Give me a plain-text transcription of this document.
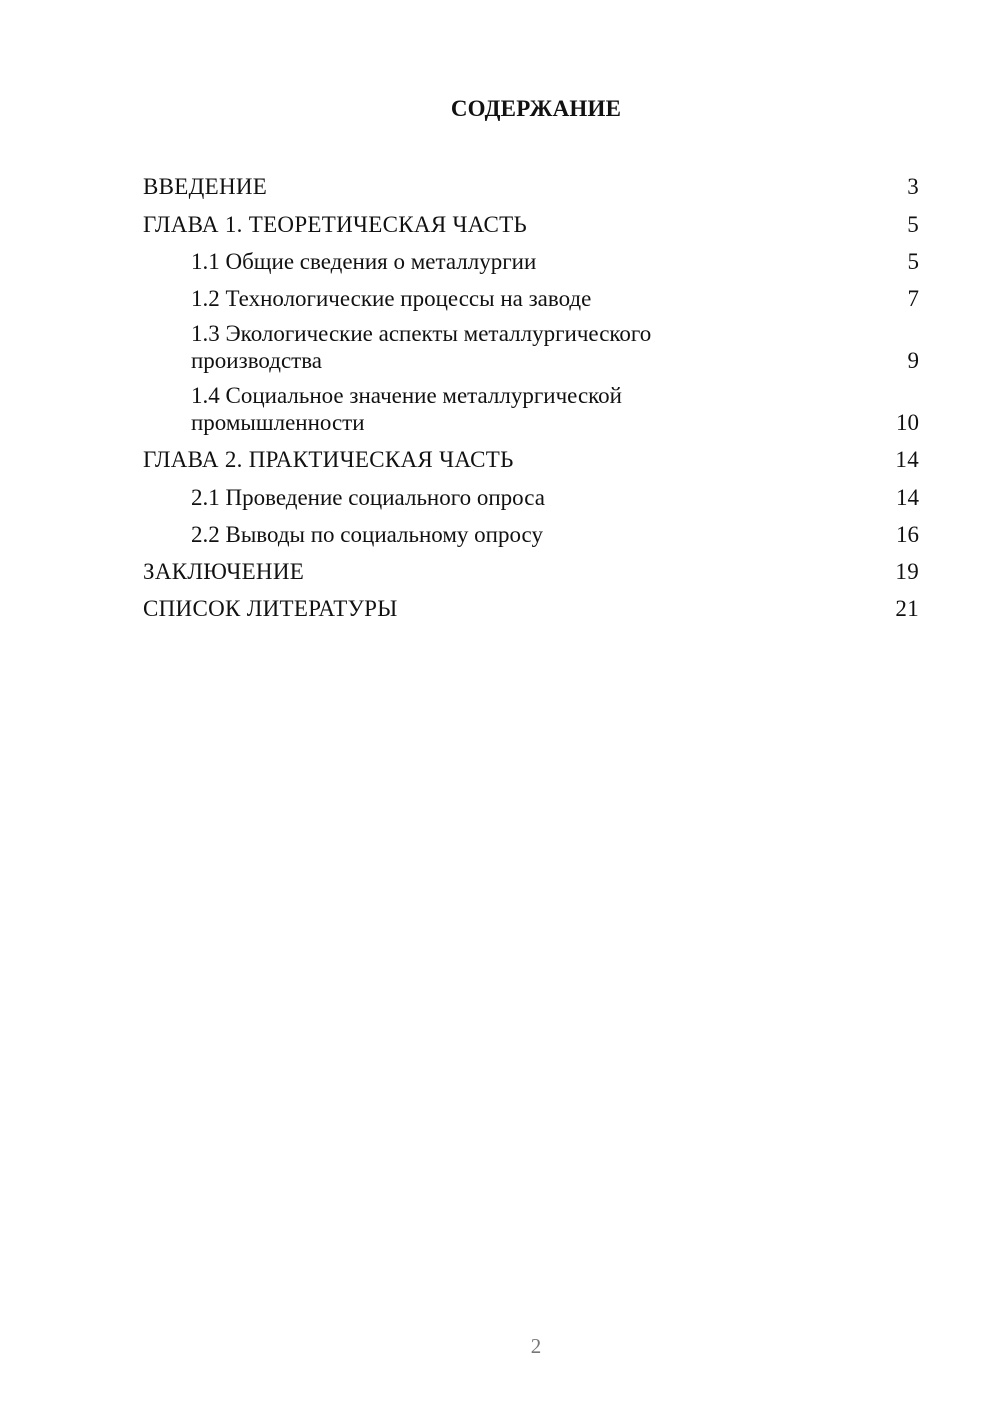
СОДЕРЖАНИЕ
ВВЕДЕНИЕ	3
ГЛАВА 1. ТЕОРЕТИЧЕСКАЯ ЧАСТЬ	5
1.1 Общие сведения о металлургии	5
1.2 Технологические процессы на заводе	7
1.3 Экологические аспекты металлургического производства	9
1.4 Социальное значение металлургической промышленности	10
ГЛАВА 2. ПРАКТИЧЕСКАЯ ЧАСТЬ	14
2.1 Проведение социального опроса	14
2.2 Выводы по социальному опросу	16
ЗАКЛЮЧЕНИЕ	19
СПИСОК ЛИТЕРАТУРЫ	21
2
